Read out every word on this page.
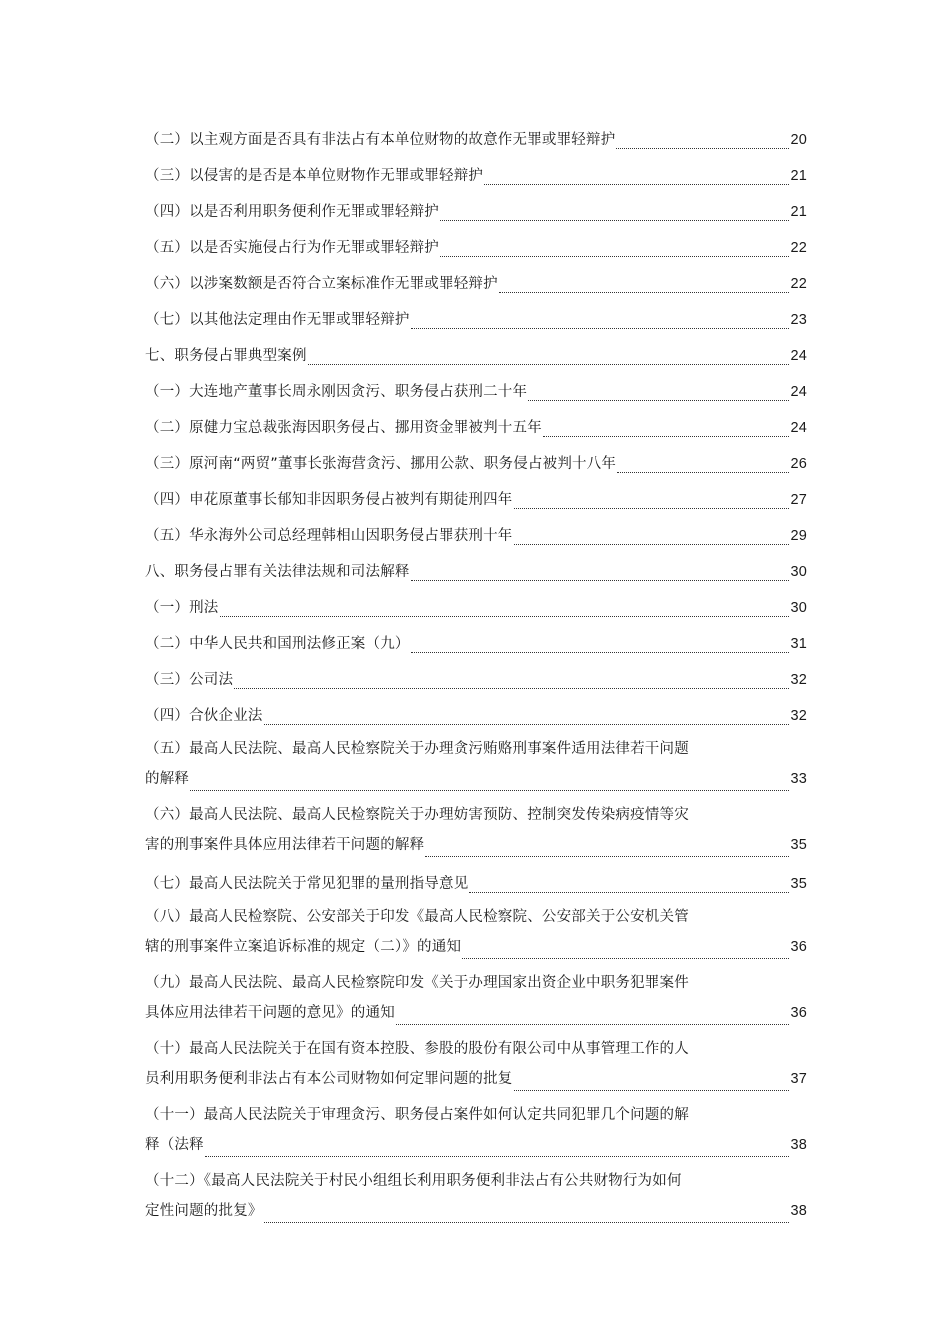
（二）以主观方面是否具有非法占有本单位财物的故意作无罪或罪轻辩护	20
（三）以侵害的是否是本单位财物作无罪或罪轻辩护	21
（四）以是否利用职务便利作无罪或罪轻辩护	21
（五）以是否实施侵占行为作无罪或罪轻辩护	22
（六）以涉案数额是否符合立案标准作无罪或罪轻辩护	22
（七）以其他法定理由作无罪或罪轻辩护	23
七、职务侵占罪典型案例	24
（一）大连地产董事长周永刚因贪污、职务侵占获刑二十年	24
（二）原健力宝总裁张海因职务侵占、挪用资金罪被判十五年	24
（三）原河南“两贸”董事长张海营贪污、挪用公款、职务侵占被判十八年	26
（四）申花原董事长郁知非因职务侵占被判有期徒刑四年	27
（五）华永海外公司总经理韩相山因职务侵占罪获刑十年	29
八、职务侵占罪有关法律法规和司法解释	30
（一）刑法	30
（二）中华人民共和国刑法修正案（九）	31
（三）公司法	32
（四）合伙企业法	32
（五）最高人民法院、最高人民检察院关于办理贪污贿赂刑事案件适用法律若干问题
的解释	33
（六）最高人民法院、最高人民检察院关于办理妨害预防、控制突发传染病疫情等灾
害的刑事案件具体应用法律若干问题的解释	35
（七）最高人民法院关于常见犯罪的量刑指导意见	35
（八）最高人民检察院、公安部关于印发《最高人民检察院、公安部关于公安机关管
辖的刑事案件立案追诉标准的规定（二）》的通知	36
（九）最高人民法院、最高人民检察院印发《关于办理国家出资企业中职务犯罪案件
具体应用法律若干问题的意见》的通知	36
（十）最高人民法院关于在国有资本控股、参股的股份有限公司中从事管理工作的人
员利用职务便利非法占有本公司财物如何定罪问题的批复	37
（十一）最高人民法院关于审理贪污、职务侵占案件如何认定共同犯罪几个问题的解
释（法释	38
（十二）《最高人民法院关于村民小组组长利用职务便利非法占有公共财物行为如何
定性问题的批复》	38
